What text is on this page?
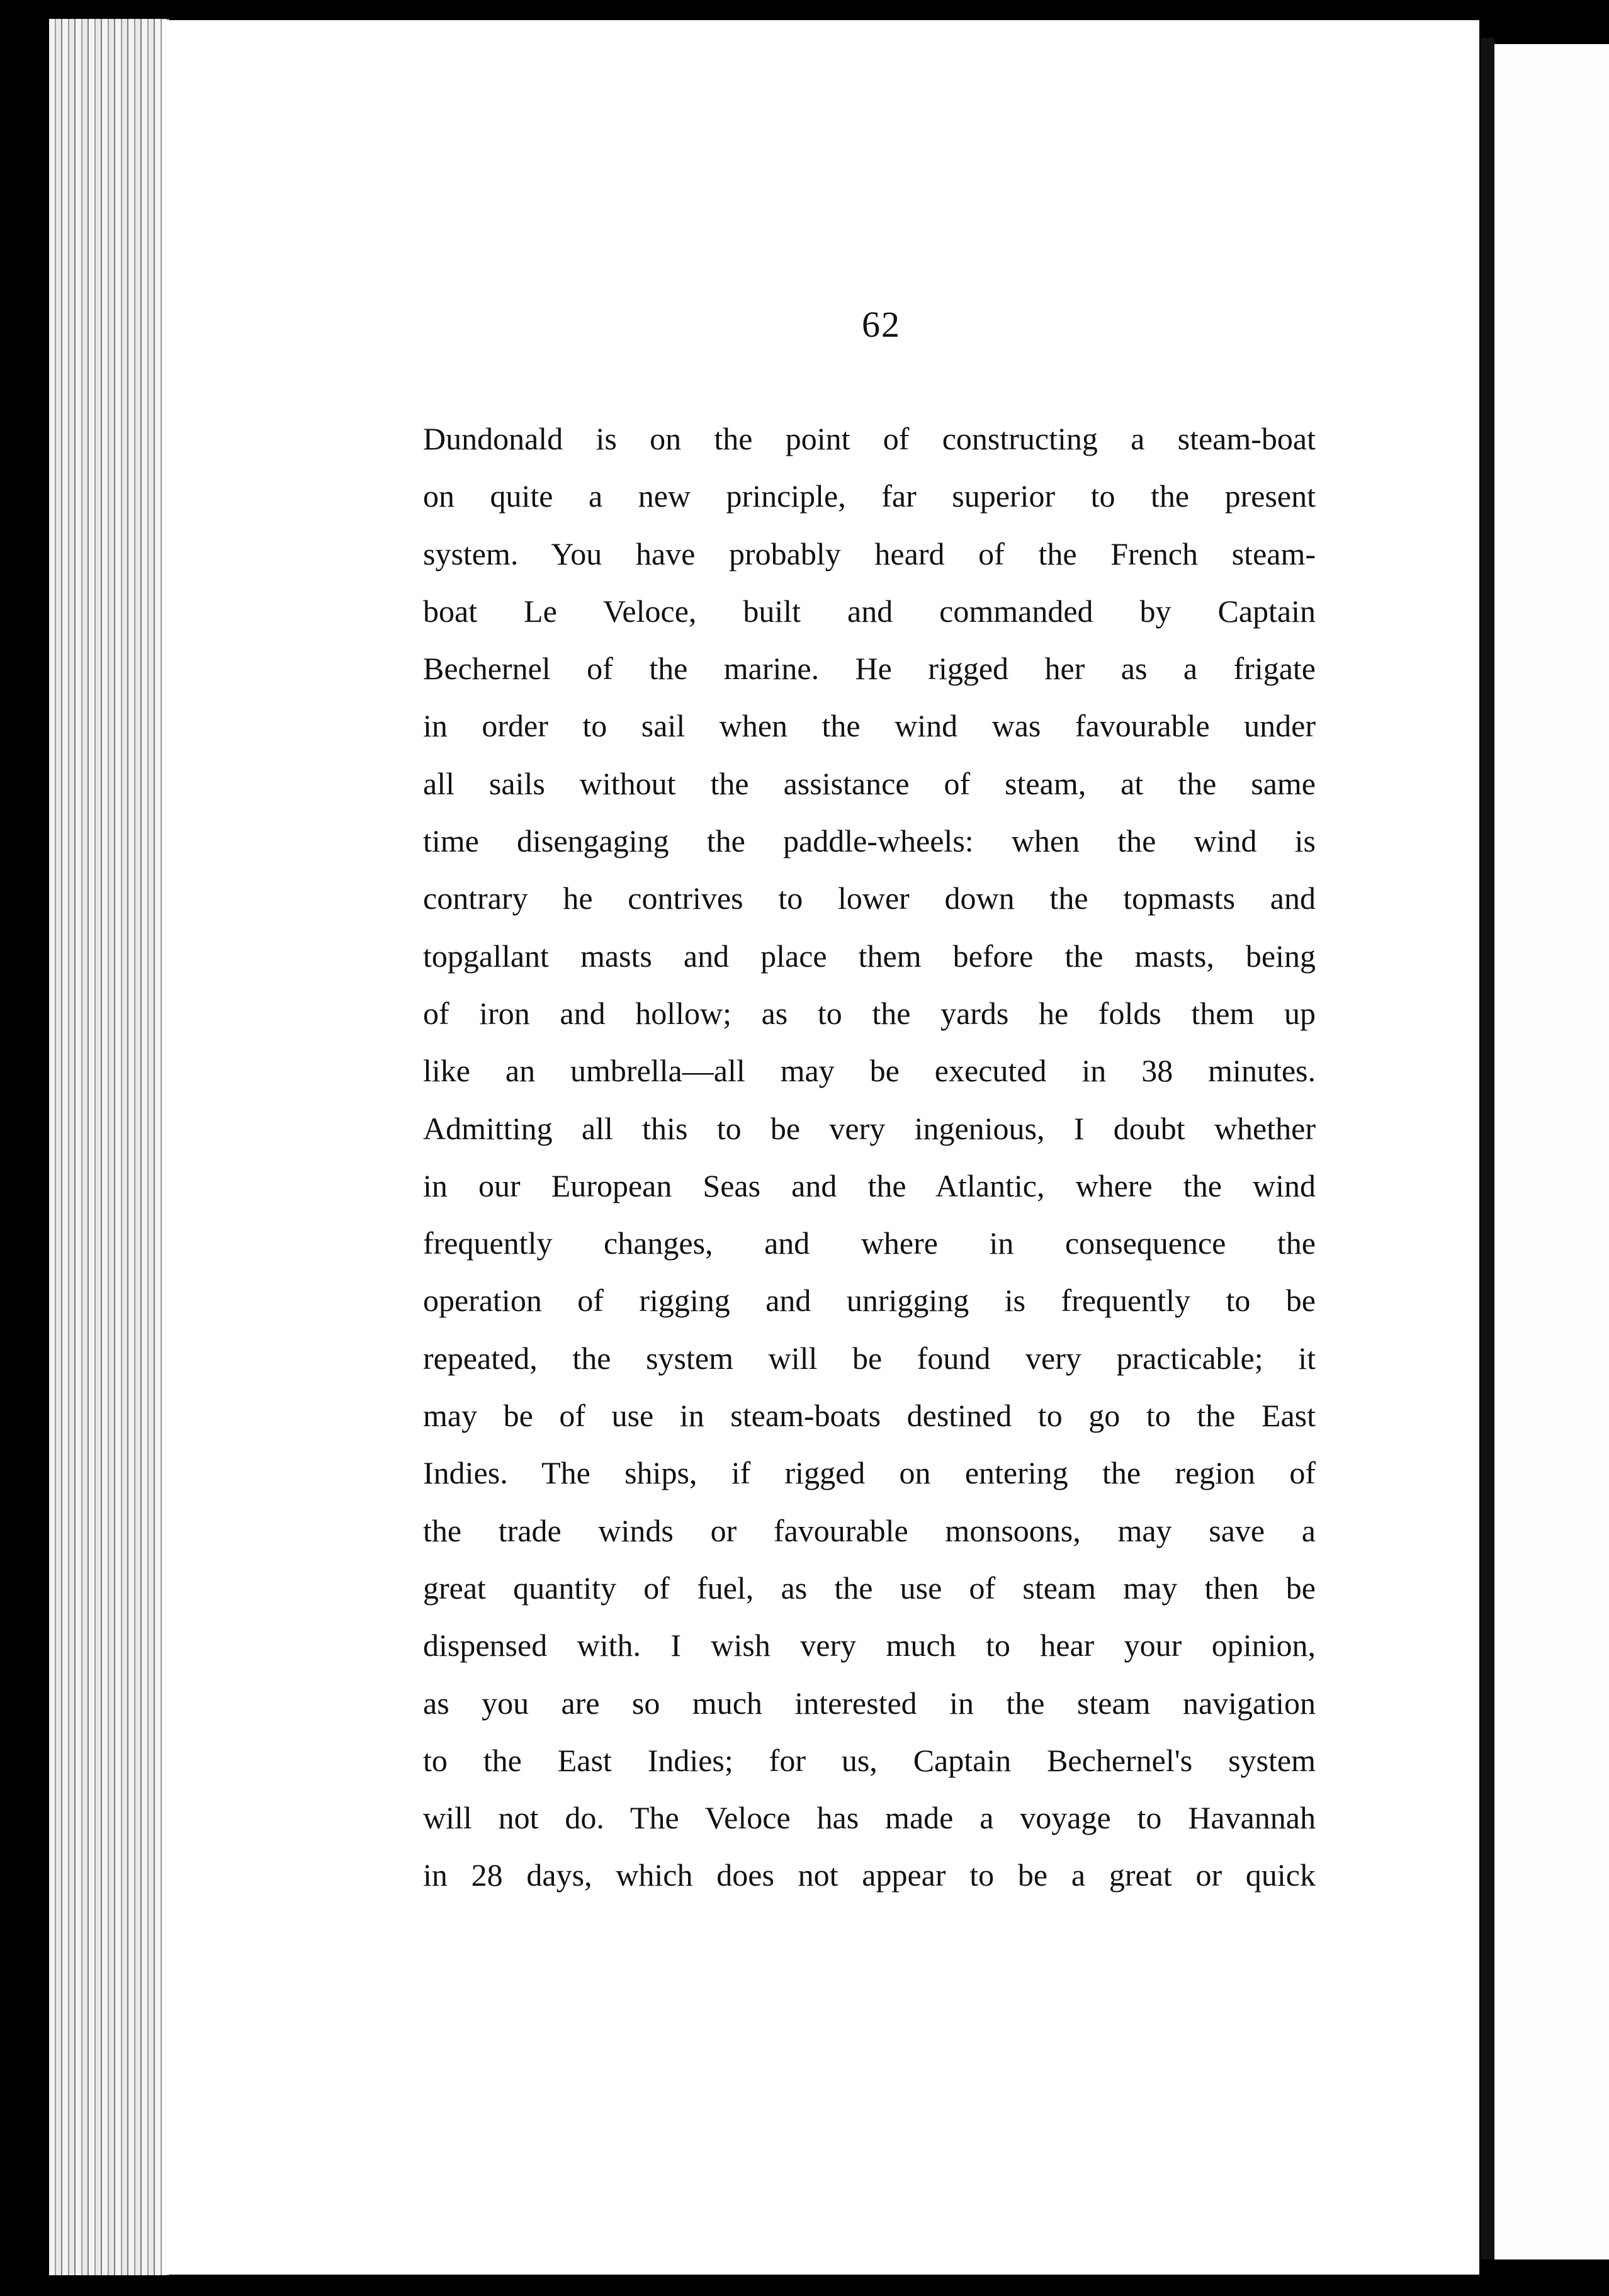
62
Dundonald is on the point of constructing a steam-boat
on quite a new principle, far superior to the present
system. You have probably heard of the French steam-
boat Le Veloce, built and commanded by Captain
Bechernel of the marine. He rigged her as a frigate
in order to sail when the wind was favourable under
all sails without the assistance of steam, at the same
time disengaging the paddle-wheels: when the wind is
contrary he contrives to lower down the topmasts and
topgallant masts and place them before the masts, being
of iron and hollow; as to the yards he folds them up
like an umbrella—all may be executed in 38 minutes.
Admitting all this to be very ingenious, I doubt whether
in our European Seas and the Atlantic, where the wind
frequently changes, and where in consequence the
operation of rigging and unrigging is frequently to be
repeated, the system will be found very practicable; it
may be of use in steam-boats destined to go to the East
Indies. The ships, if rigged on entering the region of
the trade winds or favourable monsoons, may save a
great quantity of fuel, as the use of steam may then be
dispensed with. I wish very much to hear your opinion,
as you are so much interested in the steam navigation
to the East Indies; for us, Captain Bechernel's system
will not do. The Veloce has made a voyage to Havannah
in 28 days, which does not appear to be a great or quick
